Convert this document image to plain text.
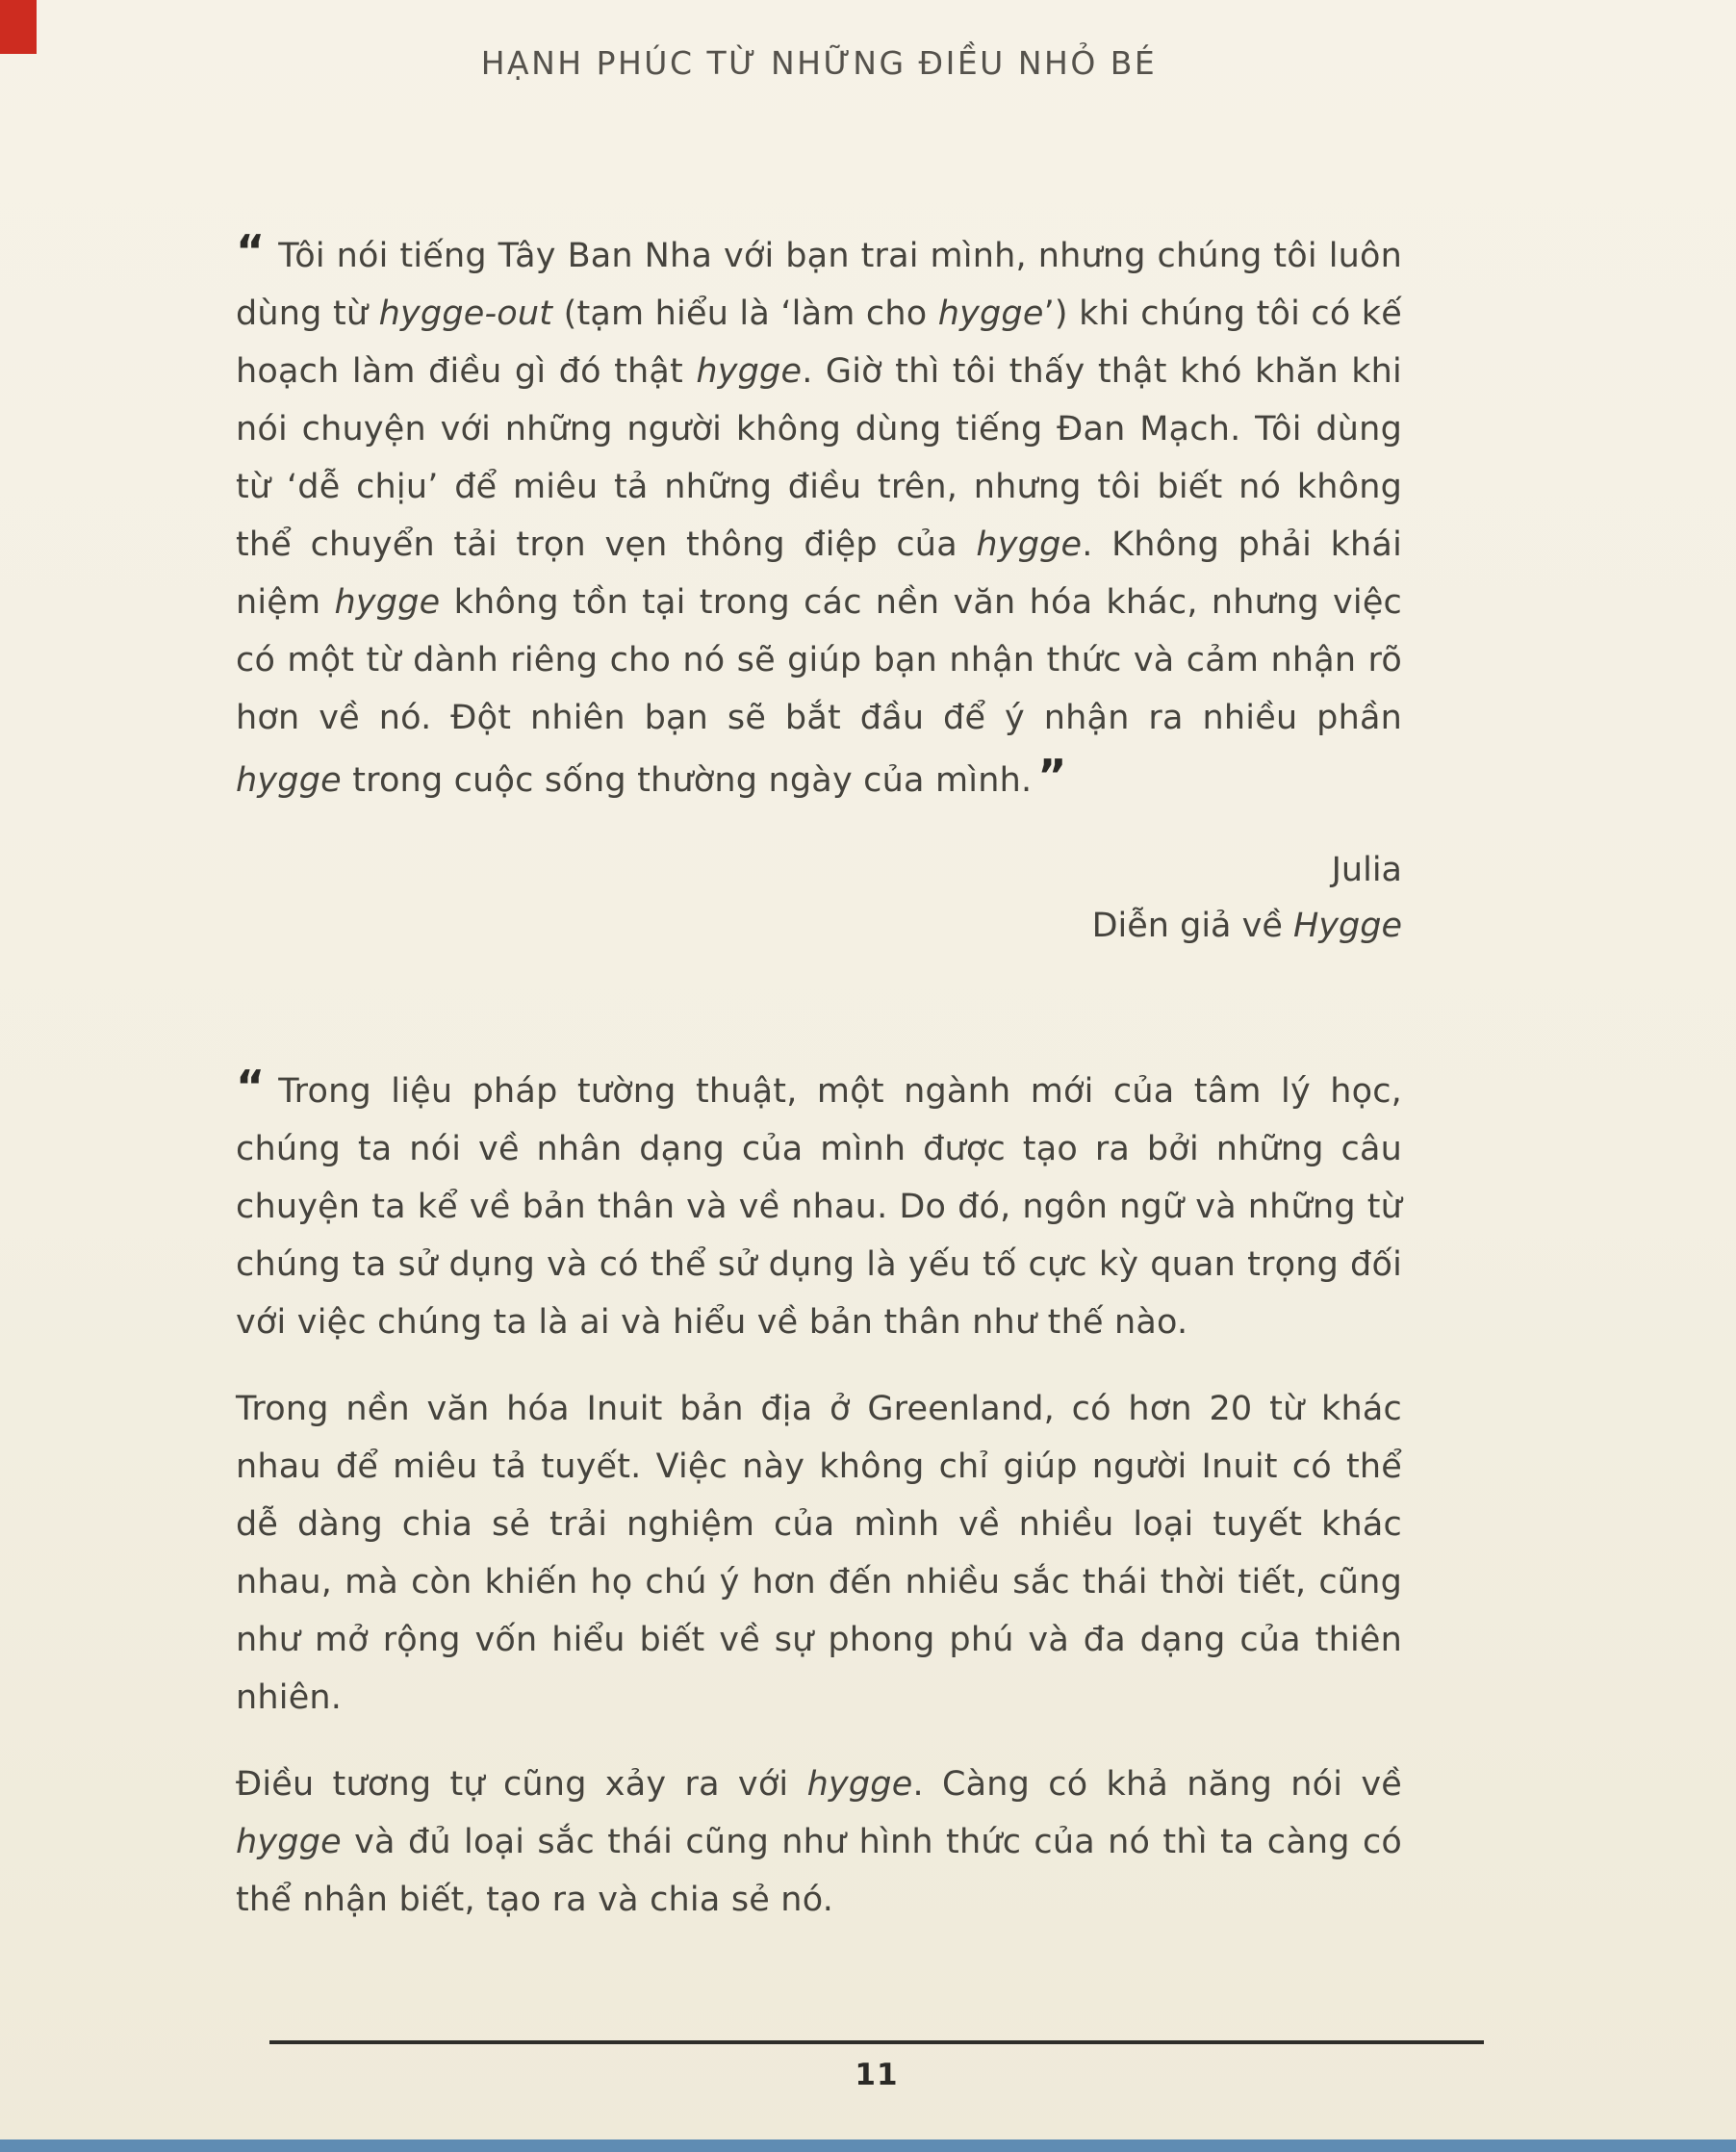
HẠNH PHÚC TỪ NHỮNG ĐIỀU NHỎ BÉ

“ Tôi nói tiếng Tây Ban Nha với bạn trai mình, nhưng chúng tôi luôn dùng từ hygge-out (tạm hiểu là ‘làm cho hygge’) khi chúng tôi có kế hoạch làm điều gì đó thật hygge. Giờ thì tôi thấy thật khó khăn khi nói chuyện với những người không dùng tiếng Đan Mạch. Tôi dùng từ ‘dễ chịu’ để miêu tả những điều trên, nhưng tôi biết nó không thể chuyển tải trọn vẹn thông điệp của hygge. Không phải khái niệm hygge không tồn tại trong các nền văn hóa khác, nhưng việc có một từ dành riêng cho nó sẽ giúp bạn nhận thức và cảm nhận rõ hơn về nó. Đột nhiên bạn sẽ bắt đầu để ý nhận ra nhiều phần hygge trong cuộc sống thường ngày của mình. ”

Julia
Diễn giả về Hygge

“ Trong liệu pháp tường thuật, một ngành mới của tâm lý học, chúng ta nói về nhân dạng của mình được tạo ra bởi những câu chuyện ta kể về bản thân và về nhau. Do đó, ngôn ngữ và những từ chúng ta sử dụng và có thể sử dụng là yếu tố cực kỳ quan trọng đối với việc chúng ta là ai và hiểu về bản thân như thế nào.

Trong nền văn hóa Inuit bản địa ở Greenland, có hơn 20 từ khác nhau để miêu tả tuyết. Việc này không chỉ giúp người Inuit có thể dễ dàng chia sẻ trải nghiệm của mình về nhiều loại tuyết khác nhau, mà còn khiến họ chú ý hơn đến nhiều sắc thái thời tiết, cũng như mở rộng vốn hiểu biết về sự phong phú và đa dạng của thiên nhiên.

Điều tương tự cũng xảy ra với hygge. Càng có khả năng nói về hygge và đủ loại sắc thái cũng như hình thức của nó thì ta càng có thể nhận biết, tạo ra và chia sẻ nó.

11
